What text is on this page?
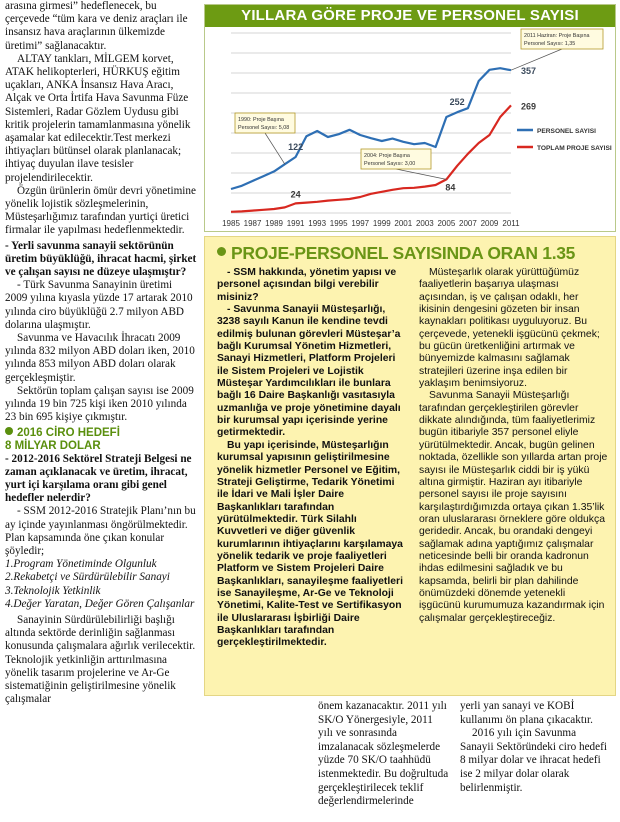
arasına girmesi” hedeflenecek, bu çerçevede “tüm kara ve deniz araçları ile insansız hava araçlarının ülkemizde üretimi” sağlanacaktır.

ALTAY tankları, MİLGEM korvet, ATAK helikopterleri, HÜRKUŞ eğitim uçakları, ANKA İnsansız Hava Aracı, Alçak ve Orta İrtifa Hava Savunma Füze Sistemleri, Radar Gözlem Uydusu gibi kritik projelerin tamamlanmasına yönelik aşamalar kat edilecektir.Test merkezi ihtiyaçları bütünsel olarak planlanacak; ihtiyaç duyulan ilave tesisler projelendirilecektir.

Özgün ürünlerin ömür devri yönetimine yönelik lojistik sözleşmelerinin, Müsteşarlığımız tarafından yurtiçi üretici firmalar ile yapılması hedeflenmektedir.

- Yerli savunma sanayii sektörünün üretim büyüklüğü, ihracat hacmi, şirket ve çalışan sayısı ne düzeye ulaşmıştır?

- Türk Savunma Sanayinin üretimi 2009 yılına kıyasla yüzde 17 artarak 2010 yılında ciro büyüklüğü 2.7 milyon ABD dolarına ulaşmıştır.

Savunma ve Havacılık İhracatı 2009 yılında 832 milyon ABD doları iken, 2010 yılında 853 milyon ABD doları olarak gerçekleşmiştir.

Sektörün toplam çalışan sayısı ise 2009 yılında 19 bin 725 kişi iken 2010 yılında 23 bin 695 kişiye çıkmıştır.

2016 CİRO HEDEFİ
8 MİLYAR DOLAR

- 2012-2016 Sektörel Strateji Belgesi ne zaman açıklanacak ve üretim, ihracat, yurt içi karşılama oranı gibi genel hedefler nelerdir?

- SSM 2012-2016 Stratejik Planı’nın bu ay içinde yayınlanması öngörülmektedir. Plan kapsamında öne çıkan konular şöyledir;

1.Program Yönetiminde Olgunluk

2.Rekabetçi ve Sürdürülebilir Sanayi

3.Teknolojik Yetkinlik

4.Değer Yaratan, Değer Gören Çalışanlar

Sanayinin Sürdürülebilirliği başlığı altında sektörde derinliğin sağlanması konusunda çalışmalara ağırlık verilecektir. Teknolojik yetkinliğin arttırılmasına yönelik tasarım projelerine ve Ar-Ge sistematiğinin geliştirilmesine yönelik çalışmalar

YILLARA GÖRE PROJE VE PERSONEL SAYISI
1985 1987 1989 1991 1993 1995 1997 1999 2001 2003 2005 2007 2009 2011
122
252
357
24
84
269
1990: Proje Başına
Personel Sayısı: 5,08
2004: Proje Başına
Personel Sayısı: 3,00
2011 Haziran: Proje Başına
Personel Sayısı: 1,35
PERSONEL SAYISI
TOPLAM PROJE SAYISI
PROJE-PERSONEL SAYISINDA ORAN 1.35

- SSM hakkında, yönetim yapısı ve personel açısından bilgi verebilir misiniz?

- Savunma Sanayii Müsteşarlığı, 3238 sayılı Kanun ile kendine tevdi edilmiş bulunan görevleri Müsteşar’a bağlı Kurumsal Yönetim Hizmetleri, Sanayi Hizmetleri, Platform Projeleri ile Sistem Projeleri ve Lojistik Müsteşar Yardımcılıkları ile bunlara bağlı 16 Daire Başkanlığı vasıtasıyla uzmanlığa ve proje yönetimine dayalı bir kurumsal yapı içerisinde yerine getirmektedir.

Bu yapı içerisinde, Müsteşarlığın kurumsal yapısının geliştirilmesine yönelik hizmetler Personel ve Eğitim, Strateji Geliştirme, Tedarik Yönetimi ile İdari ve Mali İşler Daire Başkanlıkları tarafından yürütülmektedir. Türk Silahlı Kuvvetleri ve diğer güvenlik kurumlarının ihtiyaçlarını karşılamaya yönelik tedarik ve proje faaliyetleri Platform ve Sistem Projeleri Daire Başkanlıkları, sanayileşme faaliyetleri ise Sanayileşme, Ar-Ge ve Teknoloji Yönetimi, Kalite-Test ve Sertifikasyon ile Uluslararası İşbirliği Daire Başkanlıkları tarafından gerçekleştirilmektedir.

Müsteşarlık olarak yürüttüğümüz faaliyetlerin başarıya ulaşması açısından, iş ve çalışan odaklı, her ikisinin dengesini gözeten bir insan kaynakları politikası uyguluyoruz. Bu çerçevede, yetenekli işgücünü çekmek; bu gücün üretkenliğini artırmak ve bünyemizde kalmasını sağlamak stratejileri üzerine inşa edilen bir yaklaşım benimsiyoruz.

Savunma Sanayii Müsteşarlığı tarafından gerçekleştirilen görevler dikkate alındığında, tüm faaliyetlerimiz bugün itibariyle 357 personel eliyle yürütülmektedir. Ancak, bugün gelinen noktada, özellikle son yıllarda artan proje sayısı ile Müsteşarlık ciddi bir iş yükü altına girmiştir. Haziran ayı itibariyle personel sayısı ile proje sayısını karşılaştırdığımızda ortaya çıkan 1.35’lik oran uluslararası örneklere göre oldukça geridedir. Ancak, bu orandaki dengeyi sağlamak adına yaptığımız çalışmalar neticesinde belli bir oranda kadronun ihdas edilmesini sağladık ve bu kapsamda, belirli bir plan dahilinde önümüzdeki dönemde yetenekli işgücünü kurumumuza kazandırmak için çalışmalar gerçekleştireceğiz.

önem kazanacaktır. 2011 yılı SK/O Yönergesiyle, 2011 yılı ve sonrasında imzalanacak sözleşmelerde yüzde 70 SK/O taahhüdü istenmektedir. Bu doğrultuda gerçekleştirilecek teklif değerlendirmelerinde

yerli yan sanayi ve KOBİ kullanımı ön plana çıkacaktır.

2016 yılı için Savunma Sanayii Sektöründeki ciro hedefi 8 milyar dolar ve ihracat hedefi ise 2 milyar dolar olarak belirlenmiştir.
